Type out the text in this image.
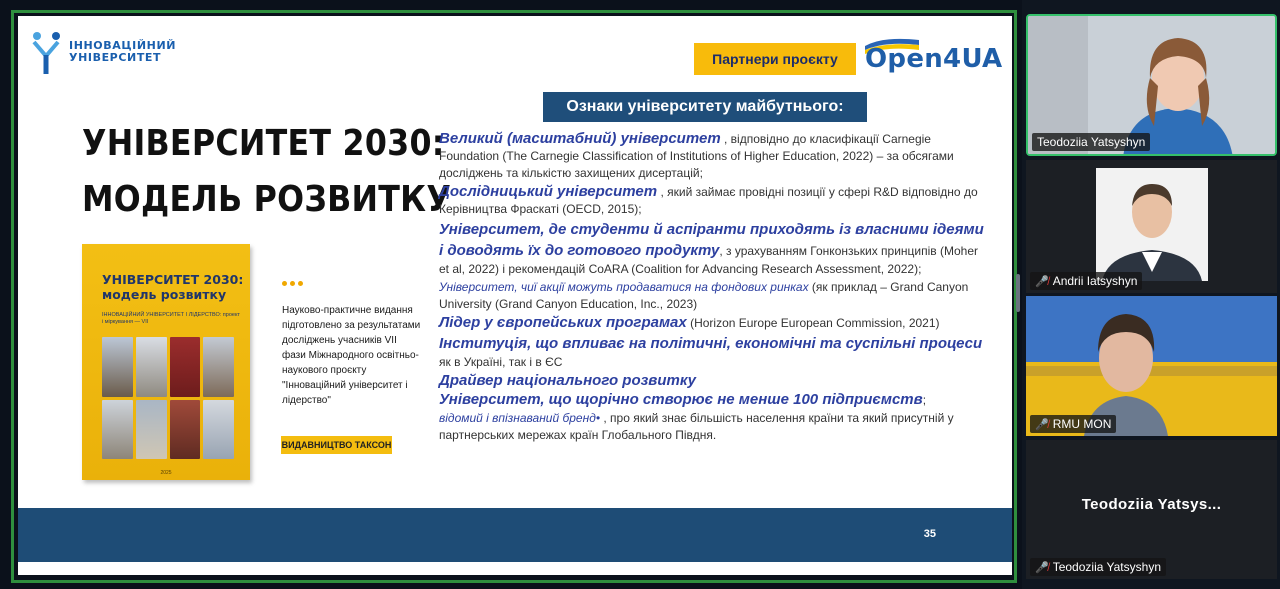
ІННОВАЦІЙНИЙ
УНІВЕРСИТЕТ	Партнери проєкту	Open4UA
Ознаки університету майбутнього:
УНІВЕРСИТЕТ 2030:
МОДЕЛЬ РОЗВИТКУ
УНІВЕРСИТЕТ 2030:
модель розвитку
ІННОВАЦІЙНИЙ УНІВЕРСИТЕТ І ЛІДЕРСТВО: проект і міркування — VII
2025
Науково-практичне видання підготовлено за результатами досліджень учасників VII фази Міжнародного освітньо-наукового проєкту "Інноваційний університет і лідерство"
ВИДАВНИЦТВО ТАКСОН
Великий (масштабний) університет , відповідно до класифікації Carnegie Foundation (The Carnegie Classification of Institutions of Higher Education, 2022) – за обсягами досліджень та кількістю захищених дисертацій;
Дослідницький університет , який займає провідні позиції у сфері R&D відповідно до Керівництва Фраскаті (OECD, 2015);
Університет, де студенти й аспіранти приходять із власними ідеями і доводять їх до готового продукту, з урахуванням Гонконзьких принципів (Moher et al, 2022) і рекомендацій CoARA (Coalition for Advancing Research Assessment, 2022);
Університет, чиї акції можуть продаватися на фондових ринках (як приклад – Grand Canyon University (Grand Canyon Education, Inc., 2023)
Лідер у європейських програмах (Horizon Europe European Commission, 2021)
Інституція, що впливає на політичні, економічні та суспільні процеси як в Україні, так і в ЄС
Драйвер національного розвитку
Університет, що щорічно створює не менше 100 підприємств;
відомий і впізнаваний бренд• , про який знає більшість населення країни та який присутній у партнерських мережах країн Глобального Півдня.
35
Teodoziia Yatsyshyn
🎤̸ Andrii Iatsyshyn
🎤̸ RMU MON
Teodoziia Yatsys...
🎤̸ Teodoziia Yatsyshyn
